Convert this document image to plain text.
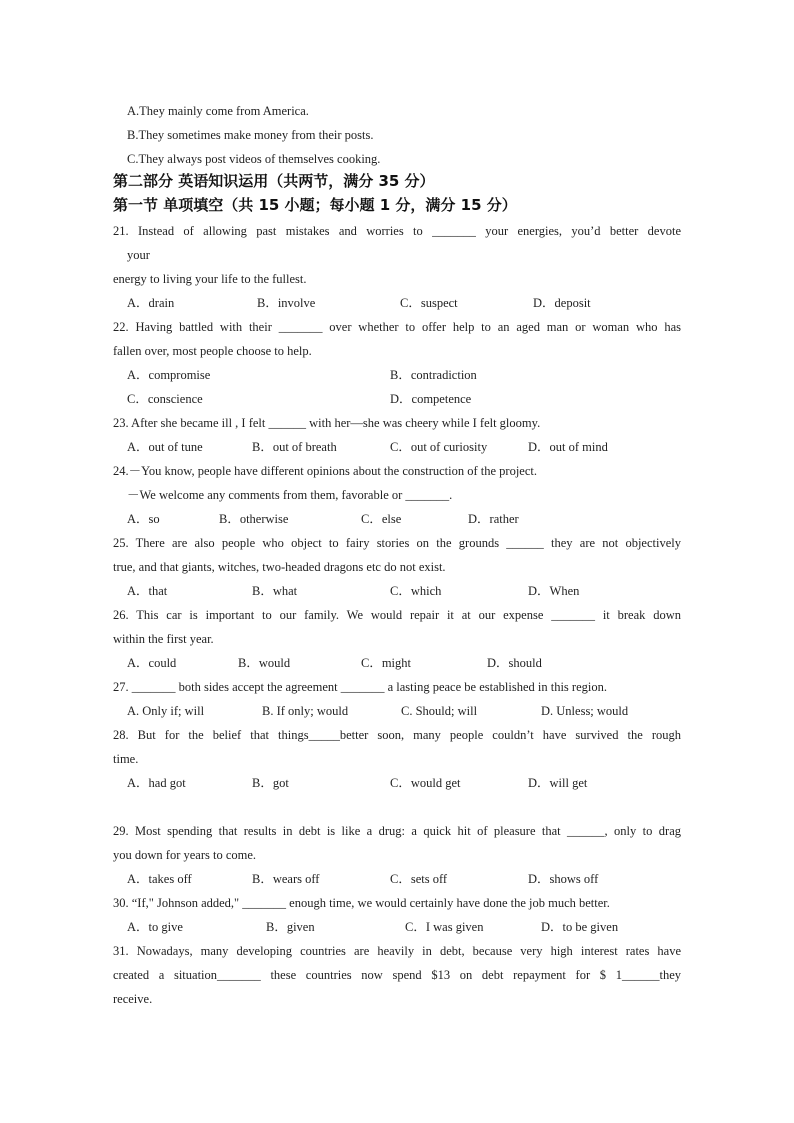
A.They mainly come from America.
B.They sometimes make money from their posts.
C.They always post videos of themselves cooking.
第二部分 英语知识运用（共两节，满分 35 分）
第一节 单项填空（共 15 小题；每小题 1 分，满分 15 分）
21. Instead of allowing past mistakes and worries to _______ your energies, you’d better devote
your
energy to living your life to the fullest.
A．drain	B．involve	C．suspect	D．deposit
22. Having battled with their _______ over whether to offer help to an aged man or woman who has
fallen over, most people choose to help.
A．compromise	B．contradiction
C．conscience	D．competence
23. After she became ill , I felt ______ with her—she was cheery while I felt gloomy.
A．out of tune	B．out of breath	C．out of curiosity	D．out of mind
24.－You know, people have different opinions about the construction of the project.
－We welcome any comments from them, favorable or _______.
A．so	B．otherwise	C．else	D．rather
25. There are also people who object to fairy stories on the grounds ______ they are not objectively
true, and that giants, witches, two-headed dragons etc do not exist.
A．that	B．what	C．which	D．When
26. This car is important to our family. We would repair it at our expense _______ it break down
within the first year.
A．could	B．would	C．might	D．should
27. _______ both sides accept the agreement _______ a lasting peace be established in this region.
A. Only if; will	B. If only; would	C. Should; will	D. Unless; would
28. But for the belief that things_____better soon, many people couldn’t have survived the rough
time.
A．had got	B．got	C．would get	D．will get
29. Most spending that results in debt is like a drug: a quick hit of pleasure that ______, only to drag
you down for years to come.
A．takes off	B．wears off	C．sets off	D．shows off
30. “If," Johnson added," _______ enough time, we would certainly have done the job much better.
A．to give	B．given	C．I was given	D．to be given
31. Nowadays, many developing countries are heavily in debt, because very high interest rates have
created a situation_______ these countries now spend $13 on debt repayment for $ 1______they
receive.
